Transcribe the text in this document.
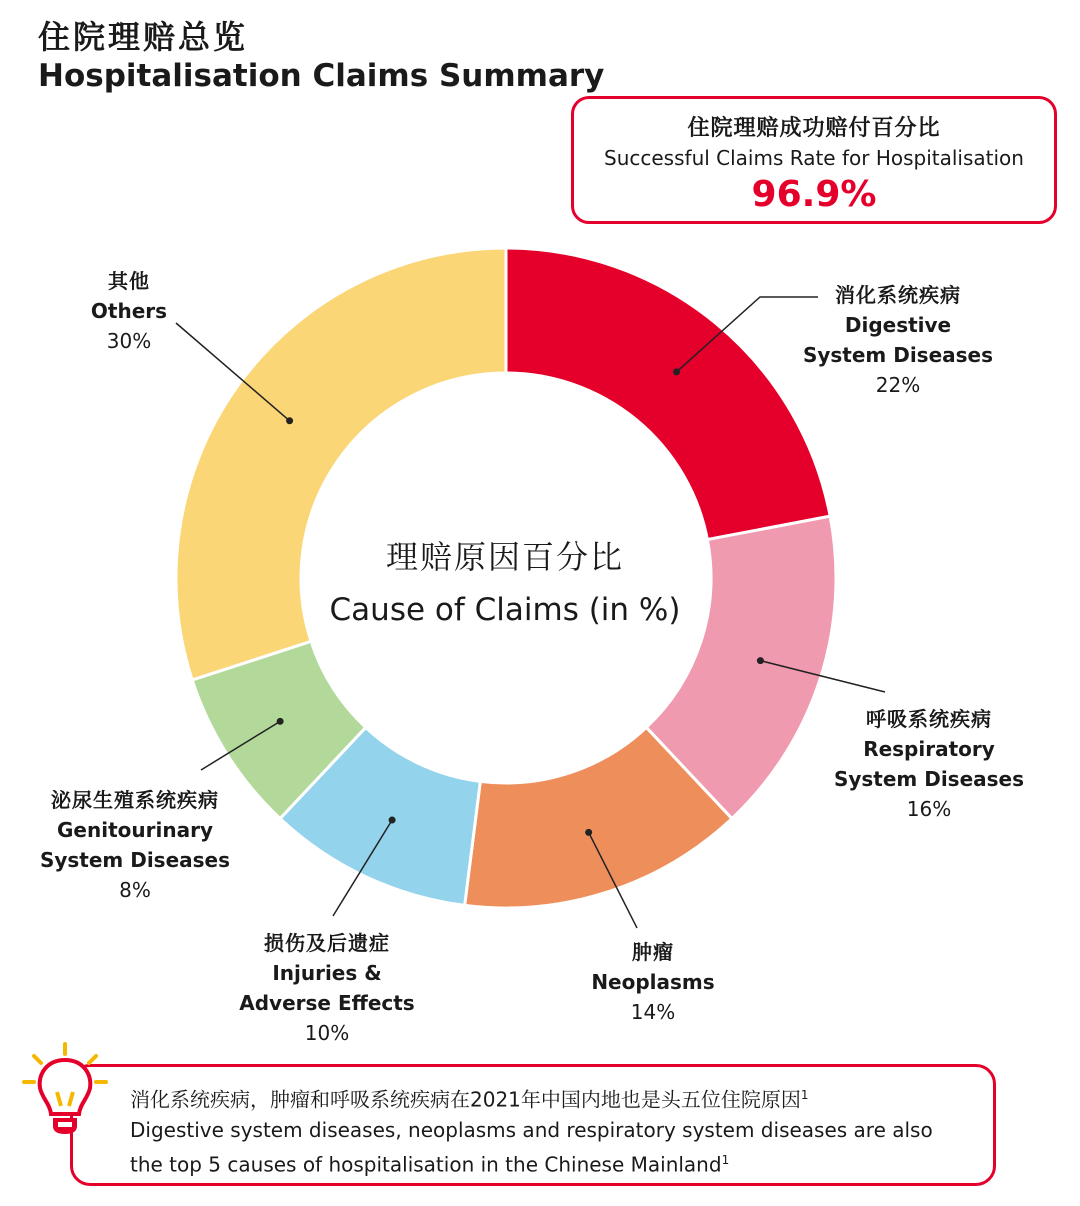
住院理赔总览
Hospitalisation Claims Summary
住院理赔成功赔付百分比
Successful Claims Rate for Hospitalisation
96.9%
理赔原因百分比
Cause of Claims (in %)
消化系统疾病
Digestive
System Diseases
22%
呼吸系统疾病
Respiratory
System Diseases
16%
肿瘤
Neoplasms
14%
损伤及后遗症
Injuries &
Adverse Effects
10%
泌尿生殖系统疾病
Genitourinary
System Diseases
8%
其他
Others
30%
消化系统疾病，肿瘤和呼吸系统疾病在2021年中国内地也是头五位住院原因$^1$
Digestive system diseases, neoplasms and respiratory system diseases are also
the top 5 causes of hospitalisation in the Chinese Mainland$^1$
